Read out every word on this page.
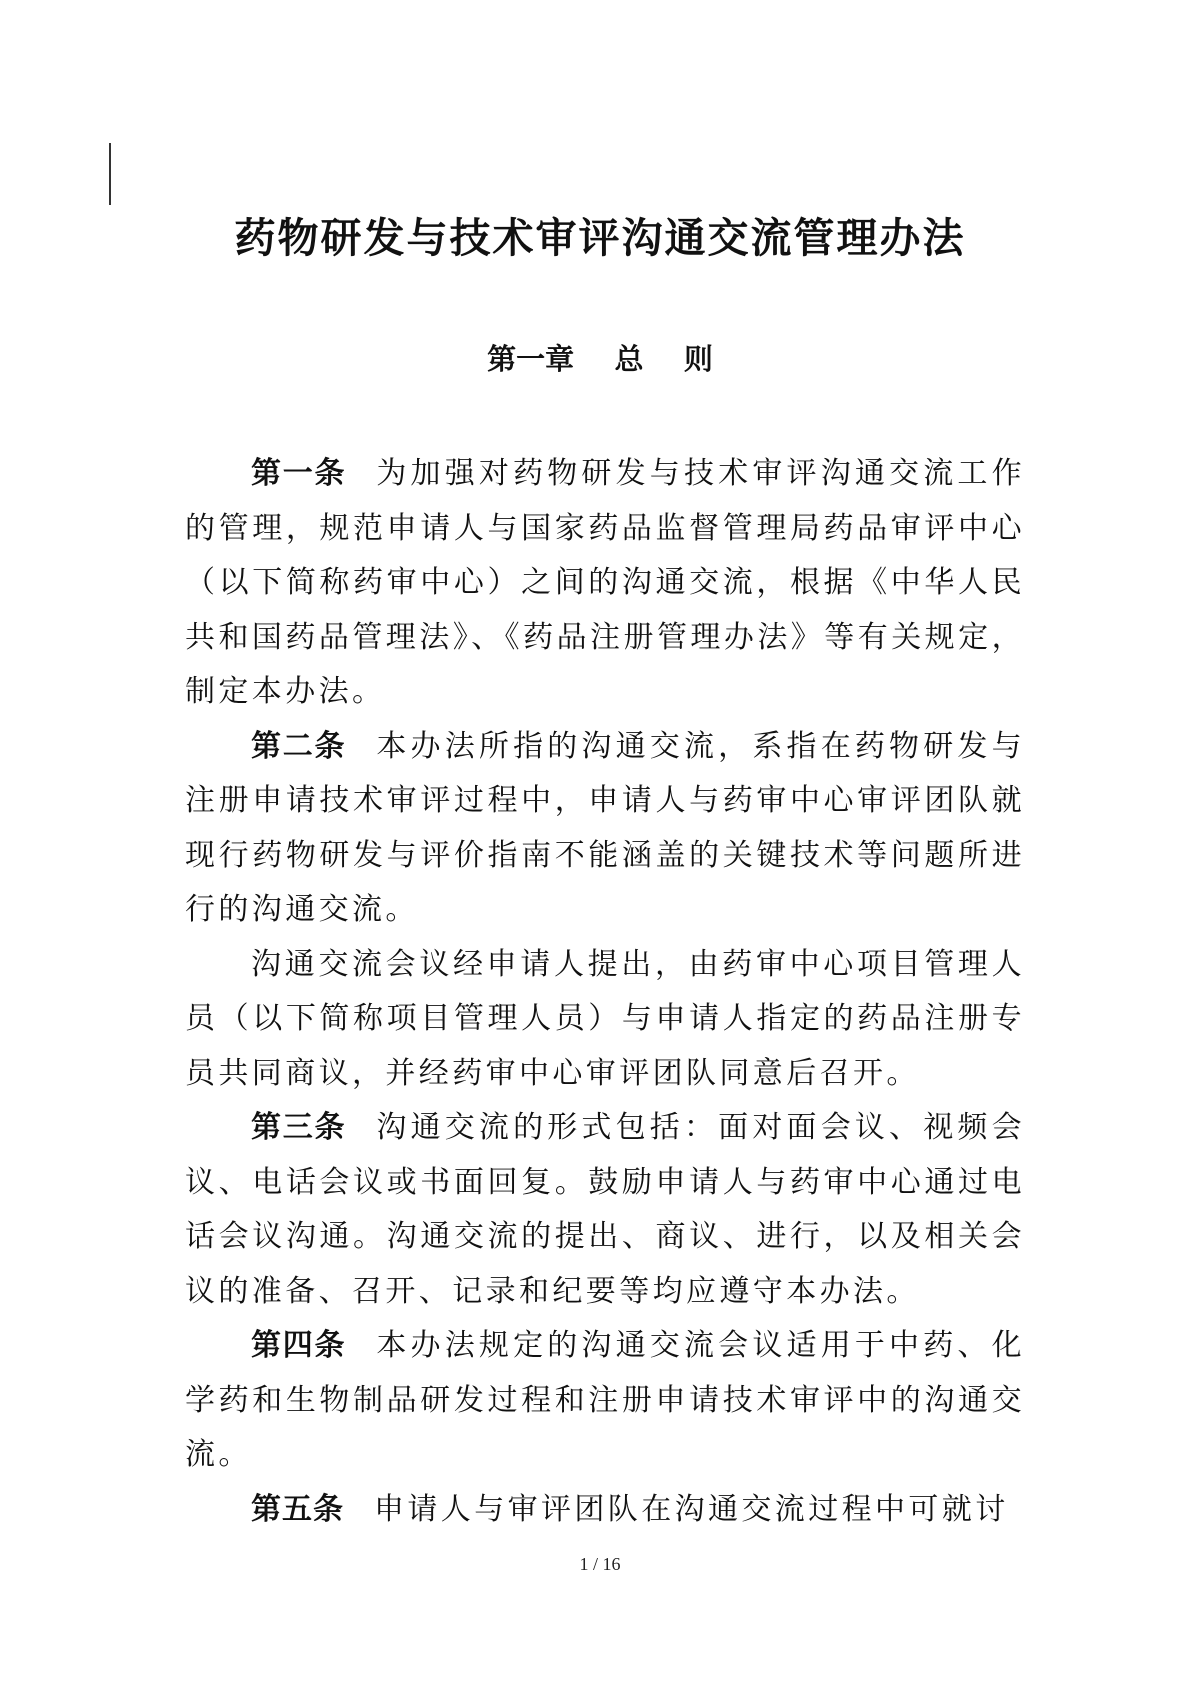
药物研发与技术审评沟通交流管理办法
第一章    总    则

第一条 为加强对药物研发与技术审评沟通交流工作的管理，规范申请人与国家药品监督管理局药品审评中心（以下简称药审中心）之间的沟通交流，根据《中华人民共和国药品管理法》、《药品注册管理办法》等有关规定，制定本办法。

第二条 本办法所指的沟通交流，系指在药物研发与注册申请技术审评过程中，申请人与药审中心审评团队就现行药物研发与评价指南不能涵盖的关键技术等问题所进行的沟通交流。

沟通交流会议经申请人提出，由药审中心项目管理人员（以下简称项目管理人员）与申请人指定的药品注册专员共同商议，并经药审中心审评团队同意后召开。

第三条 沟通交流的形式包括：面对面会议、视频会议、电话会议或书面回复。鼓励申请人与药审中心通过电话会议沟通。沟通交流的提出、商议、进行，以及相关会议的准备、召开、记录和纪要等均应遵守本办法。

第四条 本办法规定的沟通交流会议适用于中药、化学药和生物制品研发过程和注册申请技术审评中的沟通交流。

第五条 申请人与审评团队在沟通交流过程中可就讨

1 / 16
